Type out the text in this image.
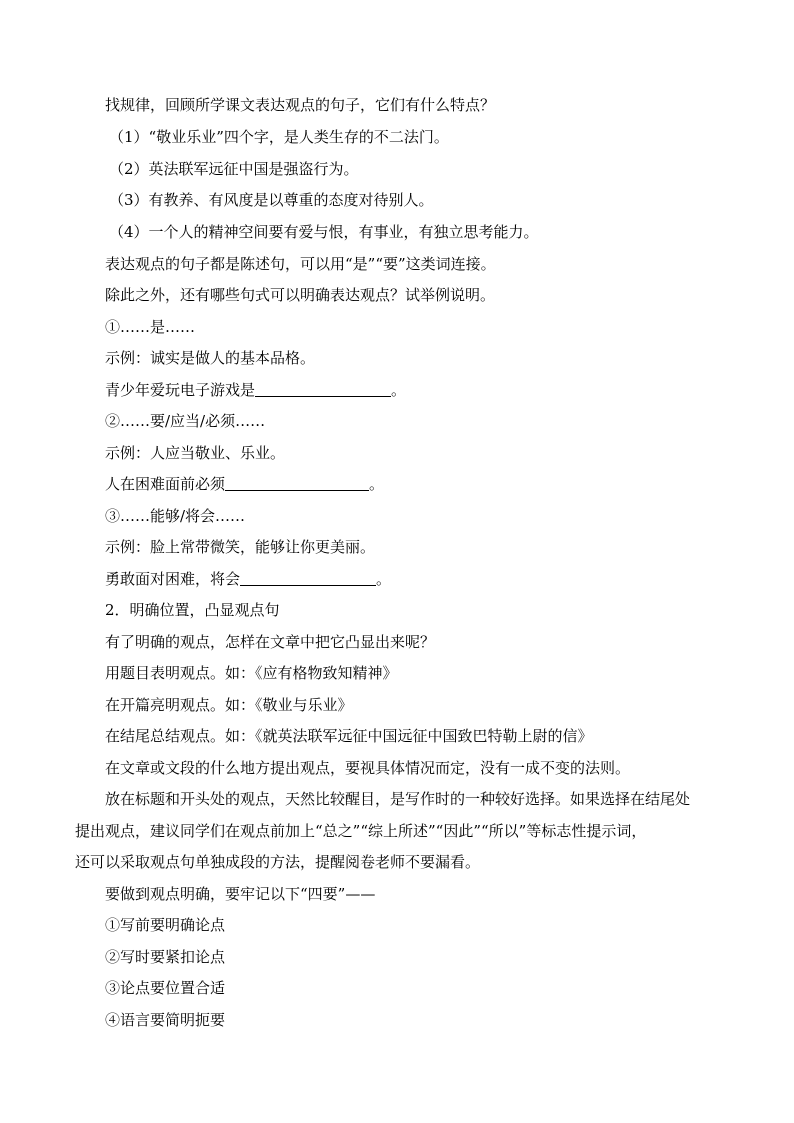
找规律，回顾所学课文表达观点的句子，它们有什么特点？
（1）“敬业乐业”四个字，是人类生存的不二法门。
（2）英法联军远征中国是强盗行为。
（3）有教养、有风度是以尊重的态度对待别人。
（4）一个人的精神空间要有爱与恨，有事业，有独立思考能力。
表达观点的句子都是陈述句，可以用“是”“要”这类词连接。
除此之外，还有哪些句式可以明确表达观点？试举例说明。
①……是……
示例：诚实是做人的基本品格。
青少年爱玩电子游戏是	。
②……要/应当/必须……
示例：人应当敬业、乐业。
人在困难面前必须	。
③……能够/将会……
示例：脸上常带微笑，能够让你更美丽。
勇敢面对困难，将会	。
2．明确位置，凸显观点句
有了明确的观点，怎样在文章中把它凸显出来呢？
用题目表明观点。如：《应有格物致知精神》
在开篇亮明观点。如：《敬业与乐业》
在结尾总结观点。如：《就英法联军远征中国远征中国致巴特勒上尉的信》
在文章或文段的什么地方提出观点，要视具体情况而定，没有一成不变的法则。
放在标题和开头处的观点，天然比较醒目，是写作时的一种较好选择。如果选择在结尾处
提出观点，建议同学们在观点前加上“总之”“综上所述”“因此”“所以”等标志性提示词，
还可以采取观点句单独成段的方法，提醒阅卷老师不要漏看。
要做到观点明确，要牢记以下“四要”——
①写前要明确论点
②写时要紧扣论点
③论点要位置合适
④语言要简明扼要
